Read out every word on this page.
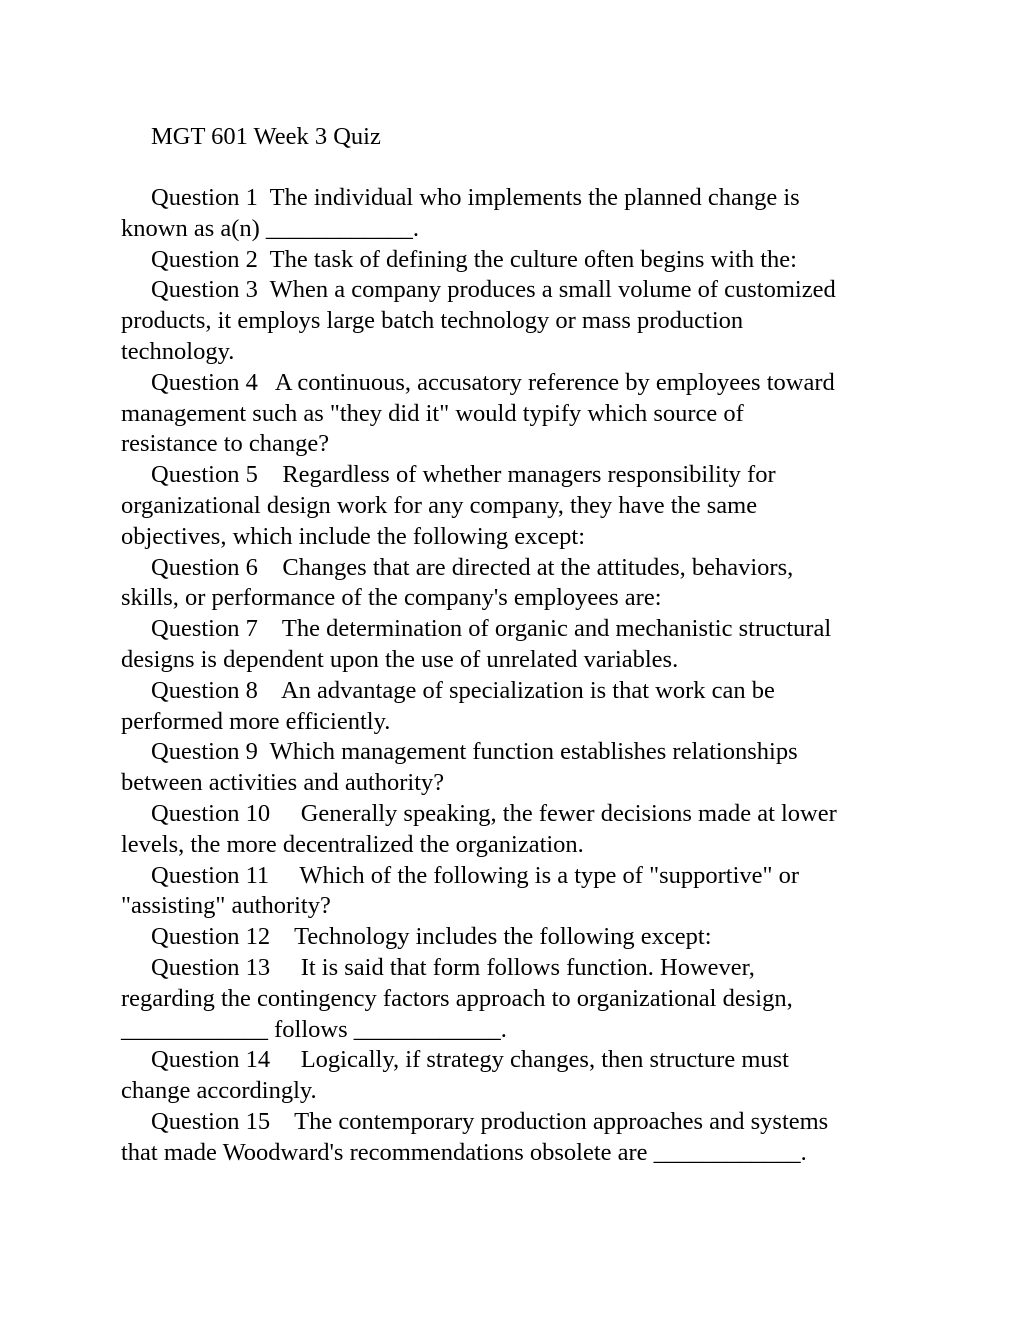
MGT 601 Week 3 Quiz
Question 1  The individual who implements the planned change is
known as a(n) ____________.
Question 2  The task of defining the culture often begins with the:
Question 3  When a company produces a small volume of customized
products, it employs large batch technology or mass production
technology.
Question 4   A continuous, accusatory reference by employees toward
management such as "they did it" would typify which source of
resistance to change?
Question 5    Regardless of whether managers responsibility for
organizational design work for any company, they have the same
objectives, which include the following except:
Question 6    Changes that are directed at the attitudes, behaviors,
skills, or performance of the company's employees are:
Question 7    The determination of organic and mechanistic structural
designs is dependent upon the use of unrelated variables.
Question 8    An advantage of specialization is that work can be
performed more efficiently.
Question 9  Which management function establishes relationships
between activities and authority?
Question 10     Generally speaking, the fewer decisions made at lower
levels, the more decentralized the organization.
Question 11     Which of the following is a type of "supportive" or
"assisting" authority?
Question 12    Technology includes the following except:
Question 13     It is said that form follows function. However,
regarding the contingency factors approach to organizational design,
____________ follows ____________.
Question 14     Logically, if strategy changes, then structure must
change accordingly.
Question 15    The contemporary production approaches and systems
that made Woodward's recommendations obsolete are ____________.
